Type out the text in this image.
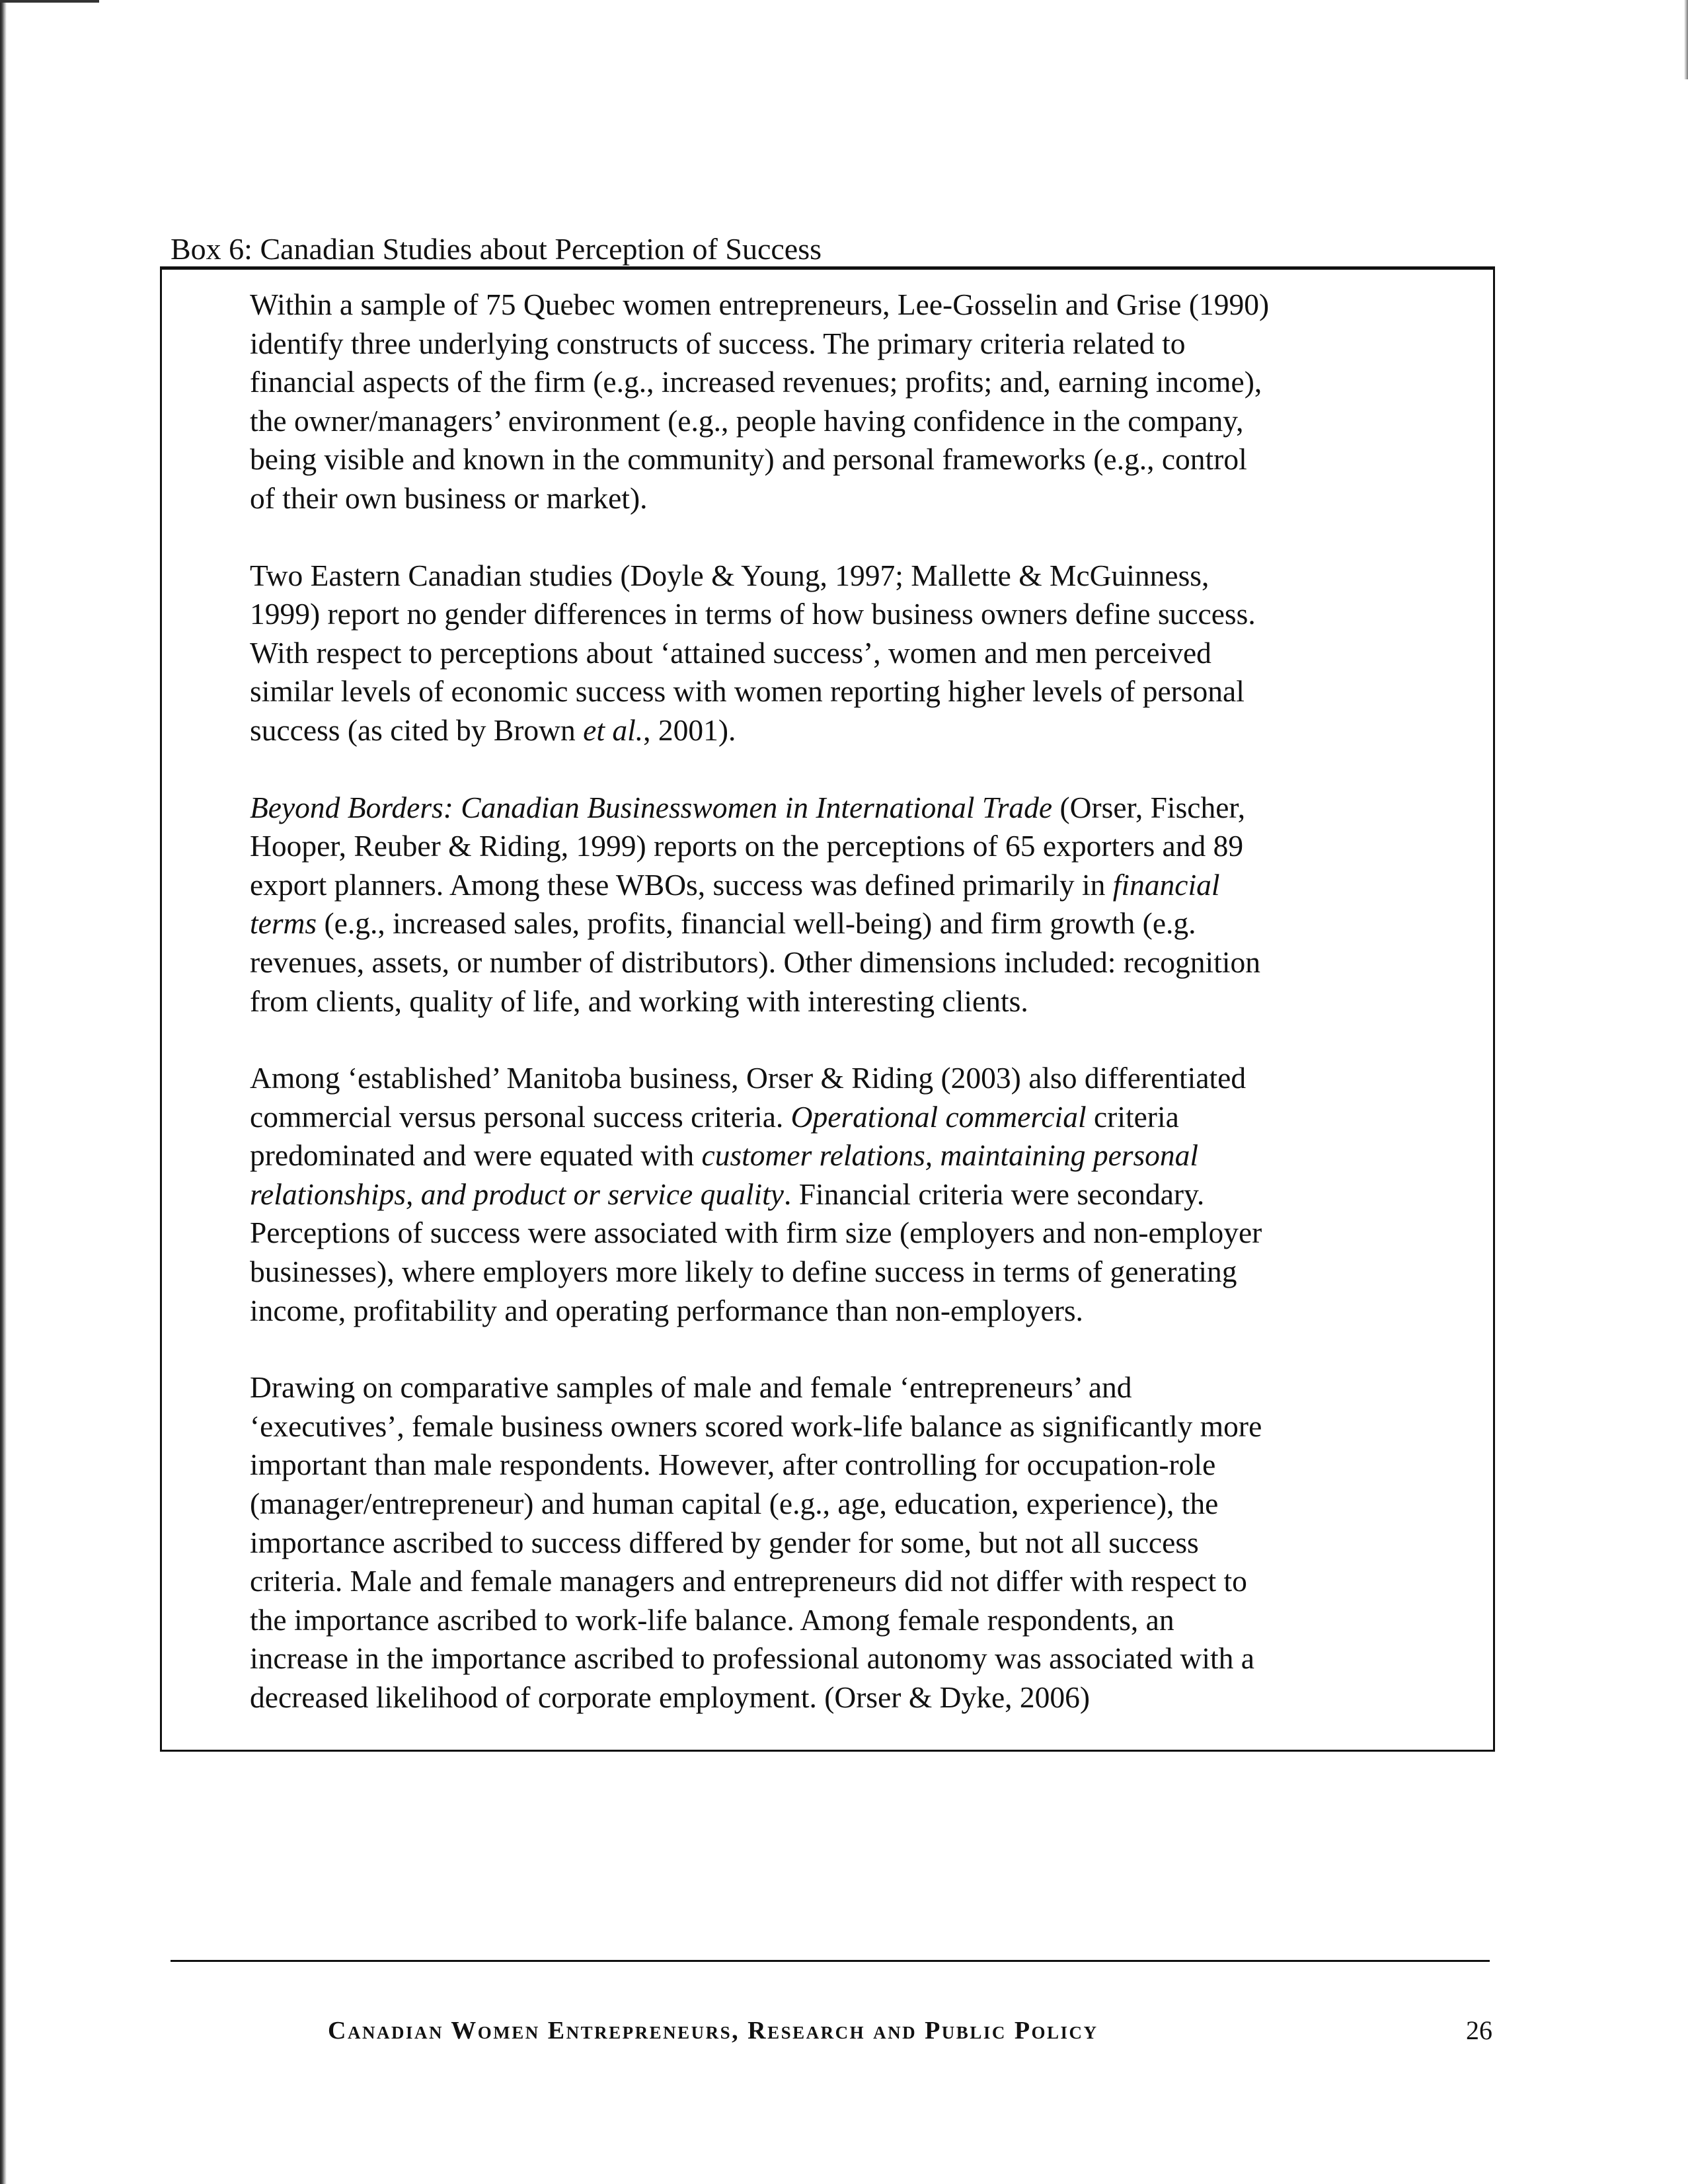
Box 6: Canadian Studies about Perception of Success

Within a sample of 75 Quebec women entrepreneurs, Lee-Gosselin and Grise (1990)
identify three underlying constructs of success. The primary criteria related to
financial aspects of the firm (e.g., increased revenues; profits; and, earning income),
the owner/managers’ environment (e.g., people having confidence in the company,
being visible and known in the community) and personal frameworks (e.g., control
of their own business or market).

Two Eastern Canadian studies (Doyle & Young, 1997; Mallette & McGuinness,
1999) report no gender differences in terms of how business owners define success.
With respect to perceptions about ‘attained success’, women and men perceived
similar levels of economic success with women reporting higher levels of personal
success (as cited by Brown et al., 2001).

Beyond Borders: Canadian Businesswomen in International Trade (Orser, Fischer,
Hooper, Reuber & Riding, 1999) reports on the perceptions of 65 exporters and 89
export planners. Among these WBOs, success was defined primarily in financial
terms (e.g., increased sales, profits, financial well-being) and firm growth (e.g.
revenues, assets, or number of distributors). Other dimensions included: recognition
from clients, quality of life, and working with interesting clients.

Among ‘established’ Manitoba business, Orser & Riding (2003) also differentiated
commercial versus personal success criteria. Operational commercial criteria
predominated and were equated with customer relations, maintaining personal
relationships, and product or service quality. Financial criteria were secondary.
Perceptions of success were associated with firm size (employers and non-employer
businesses), where employers more likely to define success in terms of generating
income, profitability and operating performance than non-employers.

Drawing on comparative samples of male and female ‘entrepreneurs’ and
‘executives’, female business owners scored work-life balance as significantly more
important than male respondents. However, after controlling for occupation-role
(manager/entrepreneur) and human capital (e.g., age, education, experience), the
importance ascribed to success differed by gender for some, but not all success
criteria. Male and female managers and entrepreneurs did not differ with respect to
the importance ascribed to work-life balance. Among female respondents, an
increase in the importance ascribed to professional autonomy was associated with a
decreased likelihood of corporate employment. (Orser & Dyke, 2006)

Canadian Women Entrepreneurs, Research and Public Policy	26
